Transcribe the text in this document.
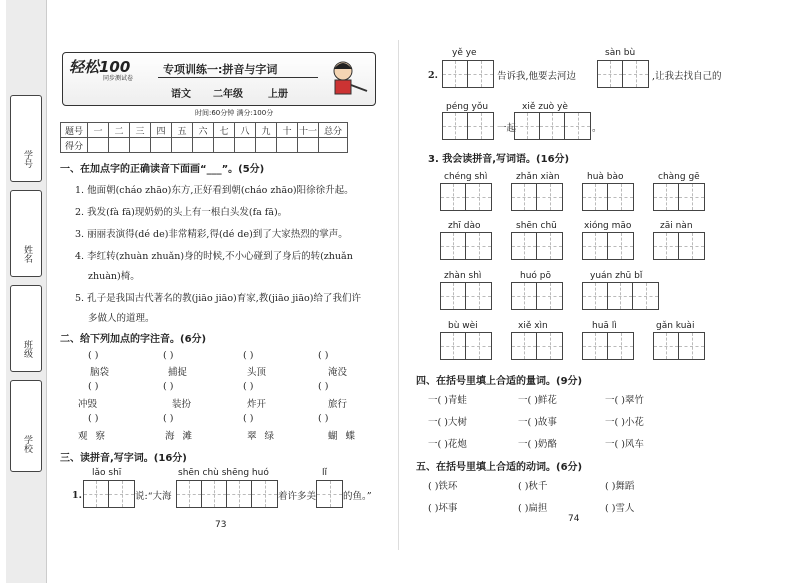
学号
姓名
班级
学校
轻松100
同步测试卷
专项训练一:拼音与字词
语文 二年级	上册
时间:60分钟 满分:100分
题号	一	二	三	四	五	六	七	八	九	十	十一	总分
得分												
一、在加点字的正确读音下面画“___”。(5分)
1. 他面朝(cháo zhāo)东方,正好看到朝(cháo zhāo)阳徐徐升起。
2. 我发(fà fā)现奶奶的头上有一根白头发(fa fā)。
3. 丽丽表演得(dé de)非常精彩,得(dé de)到了大家热烈的掌声。
4. 李红转(zhuàn zhuǎn)身的时候,不小心碰到了身后的转(zhuǎn
zhuàn)椅。
5. 孔子是我国古代著名的教(jiāo jiāo)育家,教(jiāo jiāo)给了我们许
多做人的道理。
二、给下列加点的字注音。(6分)
( )	( )	( )	( )
脑袋	捕捉	头顶	淹没
( )	( )	( )	( )
冲毁	装扮	炸开	旅行
( )	( )	( )	( )
观察	海滩	翠绿	蝴蝶
三、读拼音,写字词。(16分)
lǎo shī	shēn chù shēng huó	lǐ
1.	说:“大海	着许多美	的鱼。”
73
yě ye	sàn bù
2.	告诉我,他要去河边	,让我去找自己的
péng yǒu	xiě zuò yè
一起	。
3. 我会读拼音,写词语。(16分)
chéng shì	zhǎn xiàn	huà bào	chàng gē
zhī dào	shēn chū	xióng māo	zāi nàn
zhàn shì	huó pō	yuán zhū bǐ
bù wèi	xiě xìn	huā lì	gǎn kuài
四、在括号里填上合适的量词。(9分)
一( )青蛙	一( )鲜花	一( )翠竹
一( )大树	一( )故事	一( )小花
一( )花炮	一( )奶酪	一( )风车
五、在括号里填上合适的动词。(6分)
( )铁环	( )秋千	( )舞蹈
( )坏事	( )扁担	( )雪人
74
